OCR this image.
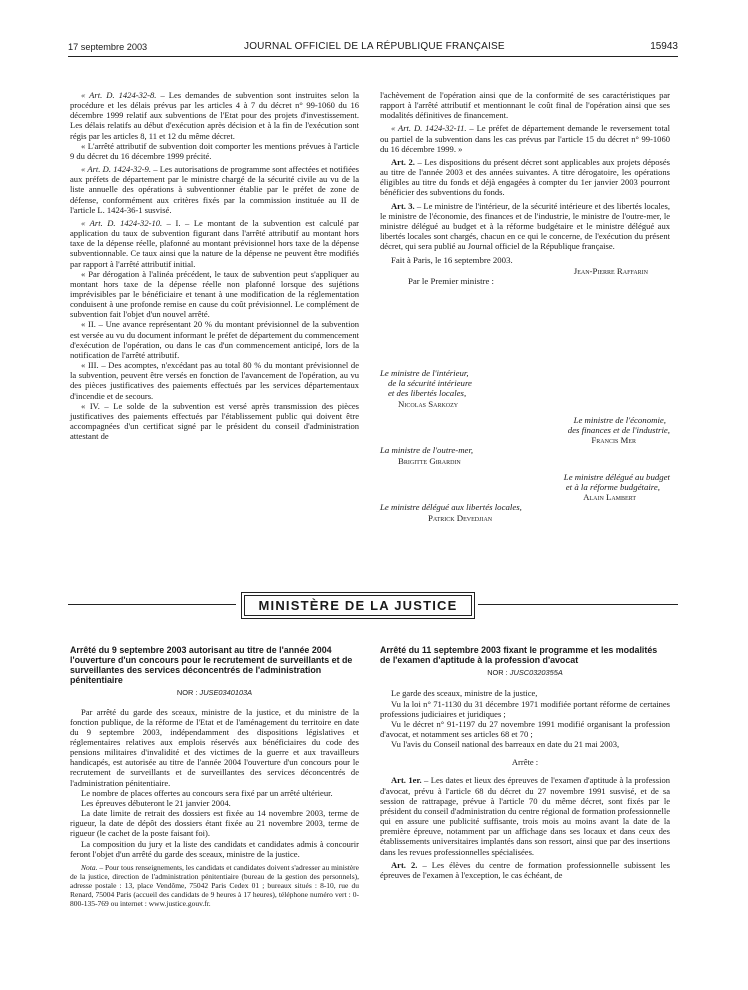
17 septembre 2003	JOURNAL OFFICIEL DE LA RÉPUBLIQUE FRANÇAISE	15943

« Art. D. 1424-32-8. – Les demandes de subvention sont instruites selon la procédure et les délais prévus par les articles 4 à 7 du décret n° 99-1060 du 16 décembre 1999 relatif aux subventions de l'Etat pour des projets d'investissement. Les délais relatifs au début d'exécution après décision et à la fin de l'exécution sont régis par les articles 8, 11 et 12 du même décret.

« L'arrêté attributif de subvention doit comporter les mentions prévues à l'article 9 du décret du 16 décembre 1999 précité.

« Art. D. 1424-32-9. – Les autorisations de programme sont affectées et notifiées aux préfets de département par le ministre chargé de la sécurité civile au vu de la liste annuelle des opérations à subventionner établie par le préfet de zone de défense, conformément aux critères fixés par la commission instituée au II de l'article L. 1424-36-1 susvisé.

« Art. D. 1424-32-10. – I. – Le montant de la subvention est calculé par application du taux de subvention figurant dans l'arrêté attributif au montant hors taxe de la dépense réelle, plafonné au montant prévisionnel hors taxe de la dépense subventionnable. Ce taux ainsi que la nature de la dépense ne peuvent être modifiés par rapport à l'arrêté attributif initial.

« Par dérogation à l'alinéa précédent, le taux de subvention peut s'appliquer au montant hors taxe de la dépense réelle non plafonné lorsque des sujétions imprévisibles par le bénéficiaire et tenant à une modification de la réglementation conduisent à une profonde remise en cause du coût prévisionnel. Le complément de subvention fait l'objet d'un nouvel arrêté.

« II. – Une avance représentant 20 % du montant prévisionnel de la subvention est versée au vu du document informant le préfet de département du commencement d'exécution de l'opération, ou dans le cas d'un commencement anticipé, lors de la notification de l'arrêté attributif.

« III. – Des acomptes, n'excédant pas au total 80 % du montant prévisionnel de la subvention, peuvent être versés en fonction de l'avancement de l'opération, au vu des pièces justificatives des paiements effectués par les services départementaux d'incendie et de secours.

« IV. – Le solde de la subvention est versé après transmission des pièces justificatives des paiements effectués par l'établissement public qui doivent être accompagnées d'un certificat signé par le président du conseil d'administration attestant de

l'achèvement de l'opération ainsi que de la conformité de ses caractéristiques par rapport à l'arrêté attributif et mentionnant le coût final de l'opération ainsi que ses modalités définitives de financement.

« Art. D. 1424-32-11. – Le préfet de département demande le reversement total ou partiel de la subvention dans les cas prévus par l'article 15 du décret n° 99-1060 du 16 décembre 1999. »

Art. 2. – Les dispositions du présent décret sont applicables aux projets déposés au titre de l'année 2003 et des années suivantes. A titre dérogatoire, les opérations éligibles au titre du fonds et déjà engagées à compter du 1er janvier 2003 pourront bénéficier des subventions du fonds.

Art. 3. – Le ministre de l'intérieur, de la sécurité intérieure et des libertés locales, le ministre de l'économie, des finances et de l'industrie, le ministre de l'outre-mer, le ministre délégué au budget et à la réforme budgétaire et le ministre délégué aux libertés locales sont chargés, chacun en ce qui le concerne, de l'exécution du présent décret, qui sera publié au Journal officiel de la République française.

Fait à Paris, le 16 septembre 2003.
Jean-Pierre Raffarin
Par le Premier ministre :
Le ministre de l'intérieur,
de la sécurité intérieure
et des libertés locales,
Nicolas Sarkozy
Le ministre de l'économie,
des finances et de l'industrie,
Francis Mer
La ministre de l'outre-mer,
Brigitte Girardin
Le ministre délégué au budget
et à la réforme budgétaire,
Alain Lambert
Le ministre délégué aux libertés locales,
Patrick Devedjian
MINISTÈRE DE LA JUSTICE
Arrêté du 9 septembre 2003 autorisant au titre de l'année 2004 l'ouverture d'un concours pour le recrutement de surveillants et de surveillantes des services déconcentrés de l'administration pénitentiaire
NOR : JUSE0340103A

Par arrêté du garde des sceaux, ministre de la justice, et du ministre de la fonction publique, de la réforme de l'Etat et de l'aménagement du territoire en date du 9 septembre 2003, indépendamment des dispositions législatives et réglementaires relatives aux emplois réservés aux bénéficiaires du code des pensions militaires d'invalidité et des victimes de la guerre et aux travailleurs handicapés, est autorisée au titre de l'année 2004 l'ouverture d'un concours pour le recrutement de surveillants et de surveillantes des services déconcentrés de l'administration pénitentiaire.

Le nombre de places offertes au concours sera fixé par un arrêté ultérieur.

Les épreuves débuteront le 21 janvier 2004.

La date limite de retrait des dossiers est fixée au 14 novembre 2003, terme de rigueur, la date de dépôt des dossiers étant fixée au 21 novembre 2003, terme de rigueur (le cachet de la poste faisant foi).

La composition du jury et la liste des candidats et candidates admis à concourir feront l'objet d'un arrêté du garde des sceaux, ministre de la justice.

Nota. – Pour tous renseignements, les candidats et candidates doivent s'adresser au ministère de la justice, direction de l'administration pénitentiaire (bureau de la gestion des personnels), adresse postale : 13, place Vendôme, 75042 Paris Cedex 01 ; bureaux situés : 8-10, rue du Renard, 75004 Paris (accueil des candidats de 9 heures à 17 heures), téléphone numéro vert : 0-800-135-769 ou internet : www.justice.gouv.fr.

Arrêté du 11 septembre 2003 fixant le programme et les modalités de l'examen d'aptitude à la profession d'avocat
NOR : JUSC0320355A

Le garde des sceaux, ministre de la justice,

Vu la loi n° 71-1130 du 31 décembre 1971 modifiée portant réforme de certaines professions judiciaires et juridiques ;

Vu le décret n° 91-1197 du 27 novembre 1991 modifié organisant la profession d'avocat, et notamment ses articles 68 et 70 ;

Vu l'avis du Conseil national des barreaux en date du 21 mai 2003,

Arrête :

Art. 1er. – Les dates et lieux des épreuves de l'examen d'aptitude à la profession d'avocat, prévu à l'article 68 du décret du 27 novembre 1991 susvisé, et de sa session de rattrapage, prévue à l'article 70 du même décret, sont fixés par le président du conseil d'administration du centre régional de formation professionnelle qui en assure une publicité suffisante, trois mois au moins avant la date de la première épreuve, notamment par un affichage dans ses locaux et dans ceux des établissements universitaires implantés dans son ressort, ainsi que par des insertions dans les revues professionnelles spécialisées.

Art. 2. – Les élèves du centre de formation professionnelle subissent les épreuves de l'examen à l'exception, le cas échéant, de
